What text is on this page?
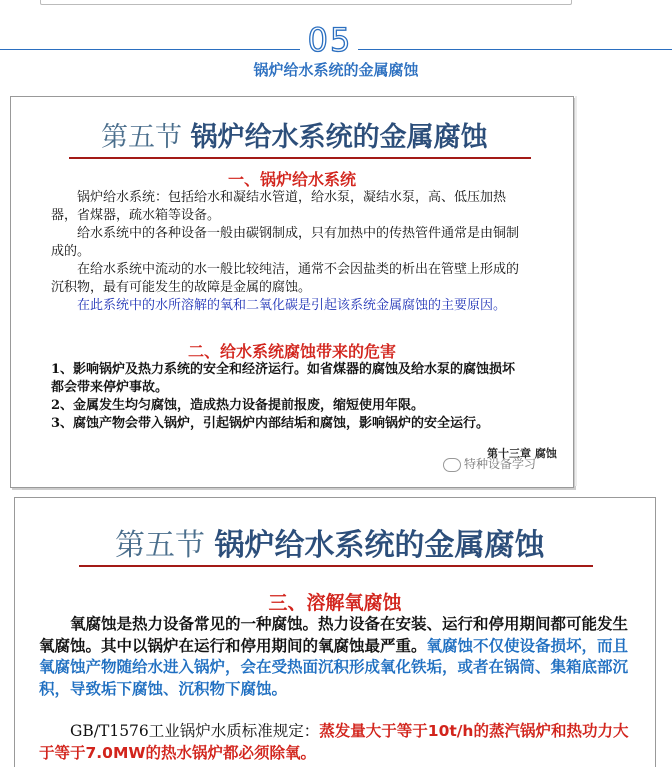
05
锅炉给水系统的金属腐蚀
第五节 锅炉给水系统的金属腐蚀
一、锅炉给水系统

　　锅炉给水系统：包括给水和凝结水管道，给水泵，凝结水泵，高、低压加热器，省煤器，疏水箱等设备。

　　给水系统中的各种设备一般由碳钢制成，只有加热中的传热管件通常是由铜制成的。

　　在给水系统中流动的水一般比较纯洁，通常不会因盐类的析出在管壁上形成的沉积物，最有可能发生的故障是金属的腐蚀。

　　在此系统中的水所溶解的氧和二氧化碳是引起该系统金属腐蚀的主要原因。

二、给水系统腐蚀带来的危害

1、影响锅炉及热力系统的安全和经济运行。如省煤器的腐蚀及给水泵的腐蚀损坏都会带来停炉事故。

2、金属发生均匀腐蚀，造成热力设备提前报废，缩短使用年限。

3、腐蚀产物会带入锅炉，引起锅炉内部结垢和腐蚀，影响锅炉的安全运行。

第十三章 腐蚀
特种设备学习
第五节 锅炉给水系统的金属腐蚀
三、溶解氧腐蚀

　　氧腐蚀是热力设备常见的一种腐蚀。热力设备在安装、运行和停用期间都可能发生氧腐蚀。其中以锅炉在运行和停用期间的氧腐蚀最严重。氧腐蚀不仅使设备损坏，而且氧腐蚀产物随给水进入锅炉，会在受热面沉积形成氧化铁垢，或者在锅筒、集箱底部沉积，导致垢下腐蚀、沉积物下腐蚀。

　　GB/T1576工业锅炉水质标准规定：蒸发量大于等于10t/h的蒸汽锅炉和热功力大于等于7.0MW的热水锅炉都必须除氧。
